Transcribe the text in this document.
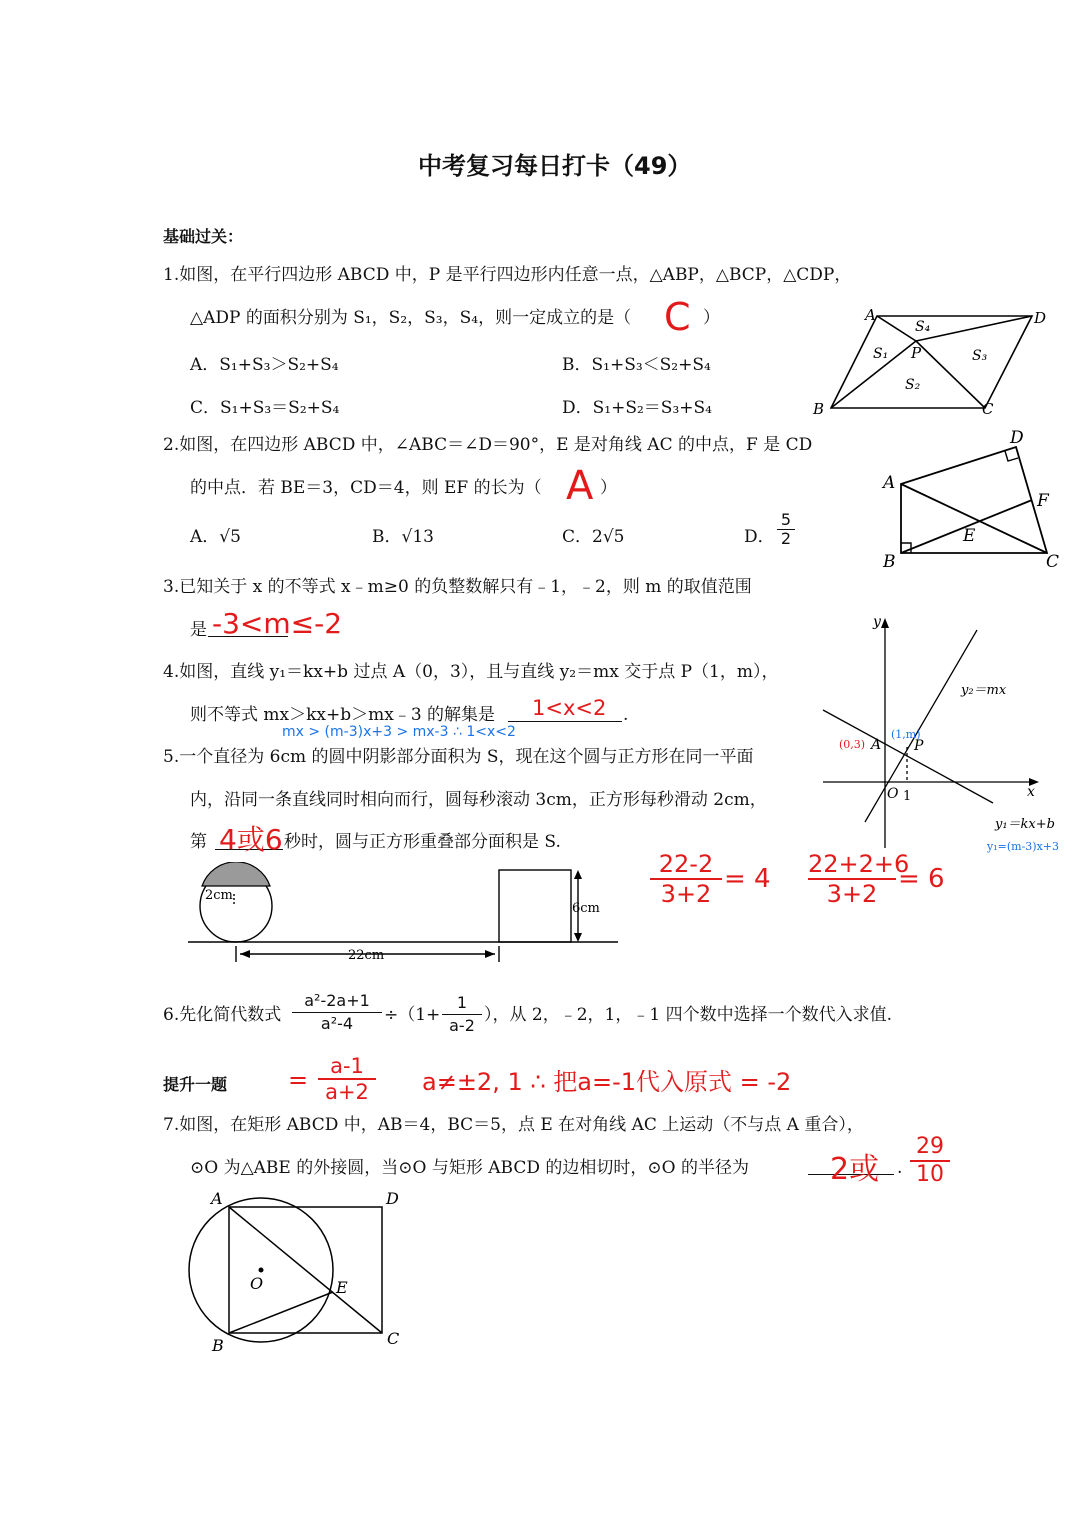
中考复习每日打卡（49）
基础过关：
1.如图，在平行四边形 ABCD 中，P 是平行四边形内任意一点，△ABP，△BCP，△CDP，
△ADP 的面积分别为 S₁，S₂，S₃，S₄，则一定成立的是（ C ）
A．S₁+S₃＞S₂+S₄	B．S₁+S₃＜S₂+S₄
C．S₁+S₃＝S₂+S₄	D．S₁+S₂＝S₃+S₄
A	D
B	C
P
S₁
S₂
S₃
S₄
2.如图，在四边形 ABCD 中，∠ABC＝∠D＝90°，E 是对角线 AC 的中点，F 是 CD
的中点．若 BE＝3，CD＝4，则 EF 的长为（ A ）
A．√5	B．√13	C．2√5	D． $\frac{5}{2}$
D
A
B	C
F
E
3.已知关于 x 的不等式 x﹣m≥0 的负整数解只有﹣1，﹣2，则 m 的取值范围
是 -3<m≤-2
4.如图，直线 y₁＝kx+b 过点 A（0，3），且与直线 y₂＝mx 交于点 P（1，m），
则不等式 mx＞kx+b＞mx﹣3 的解集是 1<x<2 .
mx > (m-3)x+3 > mx-3 ∴ 1<x<2
y
x
O 1
A P
y₂＝mx
y₁＝kx+b
(0,3)
(1,m)
y₁=(m-3)x+3
5.一个直径为 6cm 的圆中阴影部分面积为 S，现在这个圆与正方形在同一平面
内，沿同一条直线同时相向而行，圆每秒滚动 3cm，正方形每秒滑动 2cm，
第 4或6 秒时，圆与正方形重叠部分面积是 S.
2cm
6cm
22cm
$\frac{22-2}{3+2} = 4 \frac{22+2+6}{3+2} = 6$
6.先化简代数式 $\frac{\text{a²-2a+1}}{\text{a²-4}} \div(1+ \frac{1}{a-2}$ ），从 2，﹣2，1，﹣1 四个数中选择一个数代入求值.
提升一题	= $\frac{a-1}{a+2} a\ne\pm 2$, 1 ∴ 把a=-1代入原式 = -2
7.如图，在矩形 ABCD 中，AB＝4，BC＝5，点 E 在对角线 AC 上运动（不与点 A 重合），
⊙O 为△ABE 的外接圆，当⊙O 与矩形 ABCD 的边相切时，⊙O 的半径为	2或 . $\frac{29}{10}$
A	D
B	C
E
O
